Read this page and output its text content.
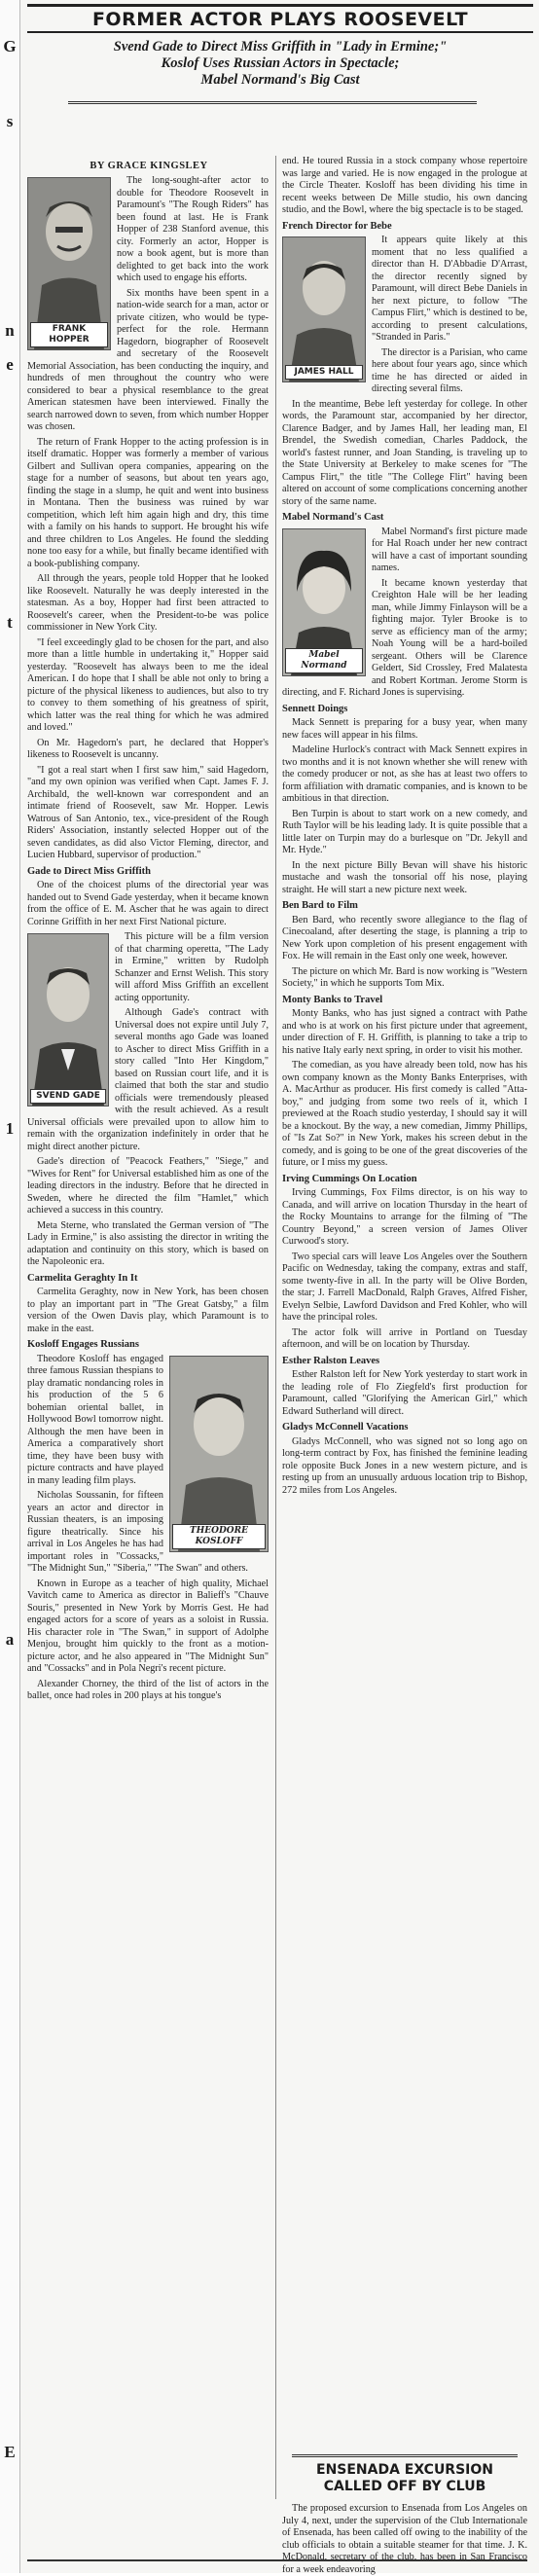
G
s
n
e
t
1
a
E
FORMER ACTOR PLAYS ROOSEVELT
Svend Gade to Direct Miss Griffith in "Lady in Ermine;"
Koslof Uses Russian Actors in Spectacle;
Mabel Normand's Big Cast
BY GRACE KINGSLEY
FRANK HOPPER

The long-sought-after actor to double for Theodore Roosevelt in Paramount's "The Rough Riders" has been found at last. He is Frank Hopper of 238 Stanford avenue, this city. Formerly an actor, Hopper is now a book agent, but is more than delighted to get back into the work which used to engage his efforts.

Six months have been spent in a nation-wide search for a man, actor or private citizen, who would be type-perfect for the role. Hermann Hagedorn, biographer of Roosevelt and secretary of the Roosevelt Memorial Association, has been conducting the inquiry, and hundreds of men throughout the country who were considered to bear a physical resemblance to the great American statesmen have been interviewed. Finally the search narrowed down to seven, from which number Hopper was chosen.

The return of Frank Hopper to the acting profession is in itself dramatic. Hopper was formerly a member of various Gilbert and Sullivan opera companies, appearing on the stage for a number of seasons, but about ten years ago, finding the stage in a slump, he quit and went into business in Montana. Then the business was ruined by war competition, which left him again high and dry, this time with a family on his hands to support. He brought his wife and three children to Los Angeles. He found the sledding none too easy for a while, but finally became identified with a book-publishing company.

All through the years, people told Hopper that he looked like Roosevelt. Naturally he was deeply interested in the statesman. As a boy, Hopper had first been attracted to Roosevelt's career, when the President-to-be was police commissioner in New York City.

"I feel exceedingly glad to be chosen for the part, and also more than a little humble in undertaking it," Hopper said yesterday. "Roosevelt has always been to me the ideal American. I do hope that I shall be able not only to bring a picture of the physical likeness to audiences, but also to try to convey to them something of his greatness of spirit, which latter was the real thing for which he was admired and loved."

On Mr. Hagedorn's part, he declared that Hopper's likeness to Roosevelt is uncanny.

"I got a real start when I first saw him," said Hagedorn, "and my own opinion was verified when Capt. James F. J. Archibald, the well-known war correspondent and an intimate friend of Roosevelt, saw Mr. Hopper. Lewis Watrous of San Antonio, tex., vice-president of the Rough Riders' Association, instantly selected Hopper out of the seven candidates, as did also Victor Fleming, director, and Lucien Hubbard, supervisor of production."

Gade to Direct Miss Griffith

One of the choicest plums of the directorial year was handed out to Svend Gade yesterday, when it became known from the office of E. M. Ascher that he was again to direct Corinne Griffith in her next First National picture.

SVEND GADE

This picture will be a film version of that charming operetta, "The Lady in Ermine," written by Rudolph Schanzer and Ernst Welish. This story will afford Miss Griffith an excellent acting opportunity.

Although Gade's contract with Universal does not expire until July 7, several months ago Gade was loaned to Ascher to direct Miss Griffith in a story called "Into Her Kingdom," based on Russian court life, and it is claimed that both the star and studio officials were tremendously pleased with the result achieved. As a result Universal officials were prevailed upon to allow him to remain with the organization indefinitely in order that he might direct another picture.

Gade's direction of "Peacock Feathers," "Siege," and "Wives for Rent" for Universal established him as one of the leading directors in the industry. Before that he directed in Sweden, where he directed the film "Hamlet," which achieved a success in this country.

Meta Sterne, who translated the German version of "The Lady in Ermine," is also assisting the director in writing the adaptation and continuity on this story, which is based on the Napoleonic era.

Carmelita Geraghty In It

Carmelita Geraghty, now in New York, has been chosen to play an important part in "The Great Gatsby," a film version of the Owen Davis play, which Paramount is to make in the east.

Kosloff Engages Russians
THEODORE KOSLOFF

Theodore Kosloff has engaged three famous Russian thespians to play dramatic nondancing roles in his production of the 5 6 bohemian oriental ballet, in Hollywood Bowl tomorrow night. Although the men have been in America a comparatively short time, they have been busy with picture contracts and have played in many leading film plays.

Nicholas Soussanin, for fifteen years an actor and director in Russian theaters, is an imposing figure theatrically. Since his arrival in Los Angeles he has had important roles in "Cossacks," "The Midnight Sun," "Siberia," "The Swan" and others.

Known in Europe as a teacher of high quality, Michael Vavitch came to America as director in Balieff's "Chauve Souris," presented in New York by Morris Gest. He had engaged actors for a score of years as a soloist in Russia. His character role in "The Swan," in support of Adolphe Menjou, brought him quickly to the front as a motion-picture actor, and he also appeared in "The Midnight Sun" and "Cossacks" and in Pola Negri's recent picture.

Alexander Chorney, the third of the list of actors in the ballet, once had roles in 200 plays at his tongue's

end. He toured Russia in a stock company whose repertoire was large and varied. He is now engaged in the prologue at the Circle Theater. Kosloff has been dividing his time in recent weeks between De Mille studio, his own dancing studio, and the Bowl, where the big spectacle is to be staged.

French Director for Bebe
JAMES HALL

It appears quite likely at this moment that no less qualified a director than H. D'Abbadie D'Arrast, the director recently signed by Paramount, will direct Bebe Daniels in her next picture, to follow "The Campus Flirt," which is destined to be, according to present calculations, "Stranded in Paris."

The director is a Parisian, who came here about four years ago, since which time he has directed or aided in directing several films.

In the meantime, Bebe left yesterday for college. In other words, the Paramount star, accompanied by her director, Clarence Badger, and by James Hall, her leading man, El Brendel, the Swedish comedian, Charles Paddock, the world's fastest runner, and Joan Standing, is traveling up to the State University at Berkeley to make scenes for "The Campus Flirt," the title "The College Flirt" having been altered on account of some complications concerning another story of the same name.

Mabel Normand's Cast
Mabel Normand

Mabel Normand's first picture made for Hal Roach under her new contract will have a cast of important sounding names.

It became known yesterday that Creighton Hale will be her leading man, while Jimmy Finlayson will be a fighting major. Tyler Brooke is to serve as efficiency man of the army; Noah Young will be a hard-boiled sergeant. Others will be Clarence Geldert, Sid Crossley, Fred Malatesta and Robert Kortman. Jerome Storm is directing, and F. Richard Jones is supervising.

Sennett Doings

Mack Sennett is preparing for a busy year, when many new faces will appear in his films.

Madeline Hurlock's contract with Mack Sennett expires in two months and it is not known whether she will renew with the comedy producer or not, as she has at least two offers to form affiliation with dramatic companies, and is known to be ambitious in that direction.

Ben Turpin is about to start work on a new comedy, and Ruth Taylor will be his leading lady. It is quite possible that a little later on Turpin may do a burlesque on "Dr. Jekyll and Mr. Hyde."

In the next picture Billy Bevan will shave his historic mustache and wash the tonsorial off his nose, playing straight. He will start a new picture next week.

Ben Bard to Film

Ben Bard, who recently swore allegiance to the flag of Cinecoaland, after deserting the stage, is planning a trip to New York upon completion of his present engagement with Fox. He will remain in the East only one week, however.

The picture on which Mr. Bard is now working is "Western Society," in which he supports Tom Mix.

Monty Banks to Travel

Monty Banks, who has just signed a contract with Pathe and who is at work on his first picture under that agreement, under direction of F. H. Griffith, is planning to take a trip to his native Italy early next spring, in order to visit his mother.

The comedian, as you have already been told, now has his own company known as the Monty Banks Enterprises, with A. MacArthur as producer. His first comedy is called "Atta-boy," and judging from some two reels of it, which I previewed at the Roach studio yesterday, I should say it will be a knockout. By the way, a new comedian, Jimmy Phillips, of "Is Zat So?" in New York, makes his screen debut in the comedy, and is going to be one of the great discoveries of the future, or I miss my guess.

Irving Cummings On Location

Irving Cummings, Fox Films director, is on his way to Canada, and will arrive on location Thursday in the heart of the Rocky Mountains to arrange for the filming of "The Country Beyond," a screen version of James Oliver Curwood's story.

Two special cars will leave Los Angeles over the Southern Pacific on Wednesday, taking the company, extras and staff, some twenty-five in all. In the party will be Olive Borden, the star; J. Farrell MacDonald, Ralph Graves, Alfred Fisher, Evelyn Selbie, Lawford Davidson and Fred Kohler, who will have the principal roles.

The actor folk will arrive in Portland on Tuesday afternoon, and will be on location by Thursday.

Esther Ralston Leaves

Esther Ralston left for New York yesterday to start work in the leading role of Flo Ziegfeld's first production for Paramount, called "Glorifying the American Girl," which Edward Sutherland will direct.

Gladys McConnell Vacations

Gladys McConnell, who was signed not so long ago on long-term contract by Fox, has finished the feminine leading role opposite Buck Jones in a new western picture, and is resting up from an unusually arduous location trip to Bishop, 272 miles from Los Angeles.

ENSENADA EXCURSION
CALLED OFF BY CLUB

The proposed excursion to Ensenada from Los Angeles on July 4, next, under the supervision of the Club Internationale of Ensenada, has been called off owing to the inability of the club officials to obtain a suitable steamer for that time. J. K. McDonald, secretary of the club, has been in San Francisco for a week endeavoring
